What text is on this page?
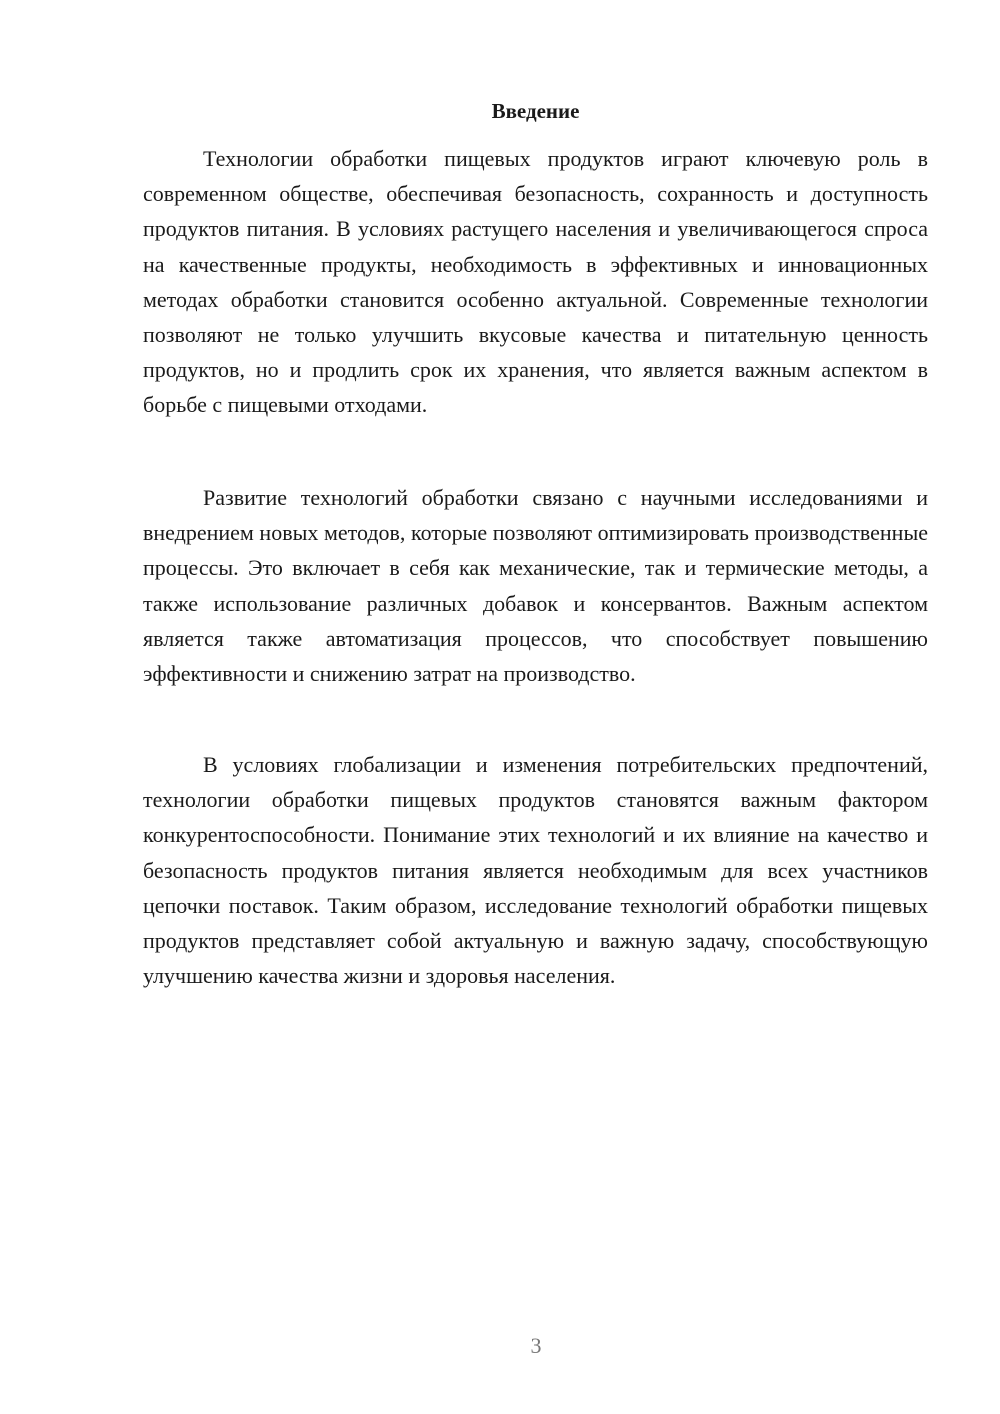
Введение

Технологии обработки пищевых продуктов играют ключевую роль в современном обществе, обеспечивая безопасность, сохранность и доступность продуктов питания. В условиях растущего населения и увеличивающегося спроса на качественные продукты, необходимость в эффективных и инновационных методах обработки становится особенно актуальной. Современные технологии позволяют не только улучшить вкусовые качества и питательную ценность продуктов, но и продлить срок их хранения, что является важным аспектом в борьбе с пищевыми отходами.

Развитие технологий обработки связано с научными исследованиями и внедрением новых методов, которые позволяют оптимизировать производственные процессы. Это включает в себя как механические, так и термические методы, а также использование различных добавок и консервантов. Важным аспектом является также автоматизация процессов, что способствует повышению эффективности и снижению затрат на производство.

В условиях глобализации и изменения потребительских предпочтений, технологии обработки пищевых продуктов становятся важным фактором конкурентоспособности. Понимание этих технологий и их влияние на качество и безопасность продуктов питания является необходимым для всех участников цепочки поставок. Таким образом, исследование технологий обработки пищевых продуктов представляет собой актуальную и важную задачу, способствующую улучшению качества жизни и здоровья населения.

3
